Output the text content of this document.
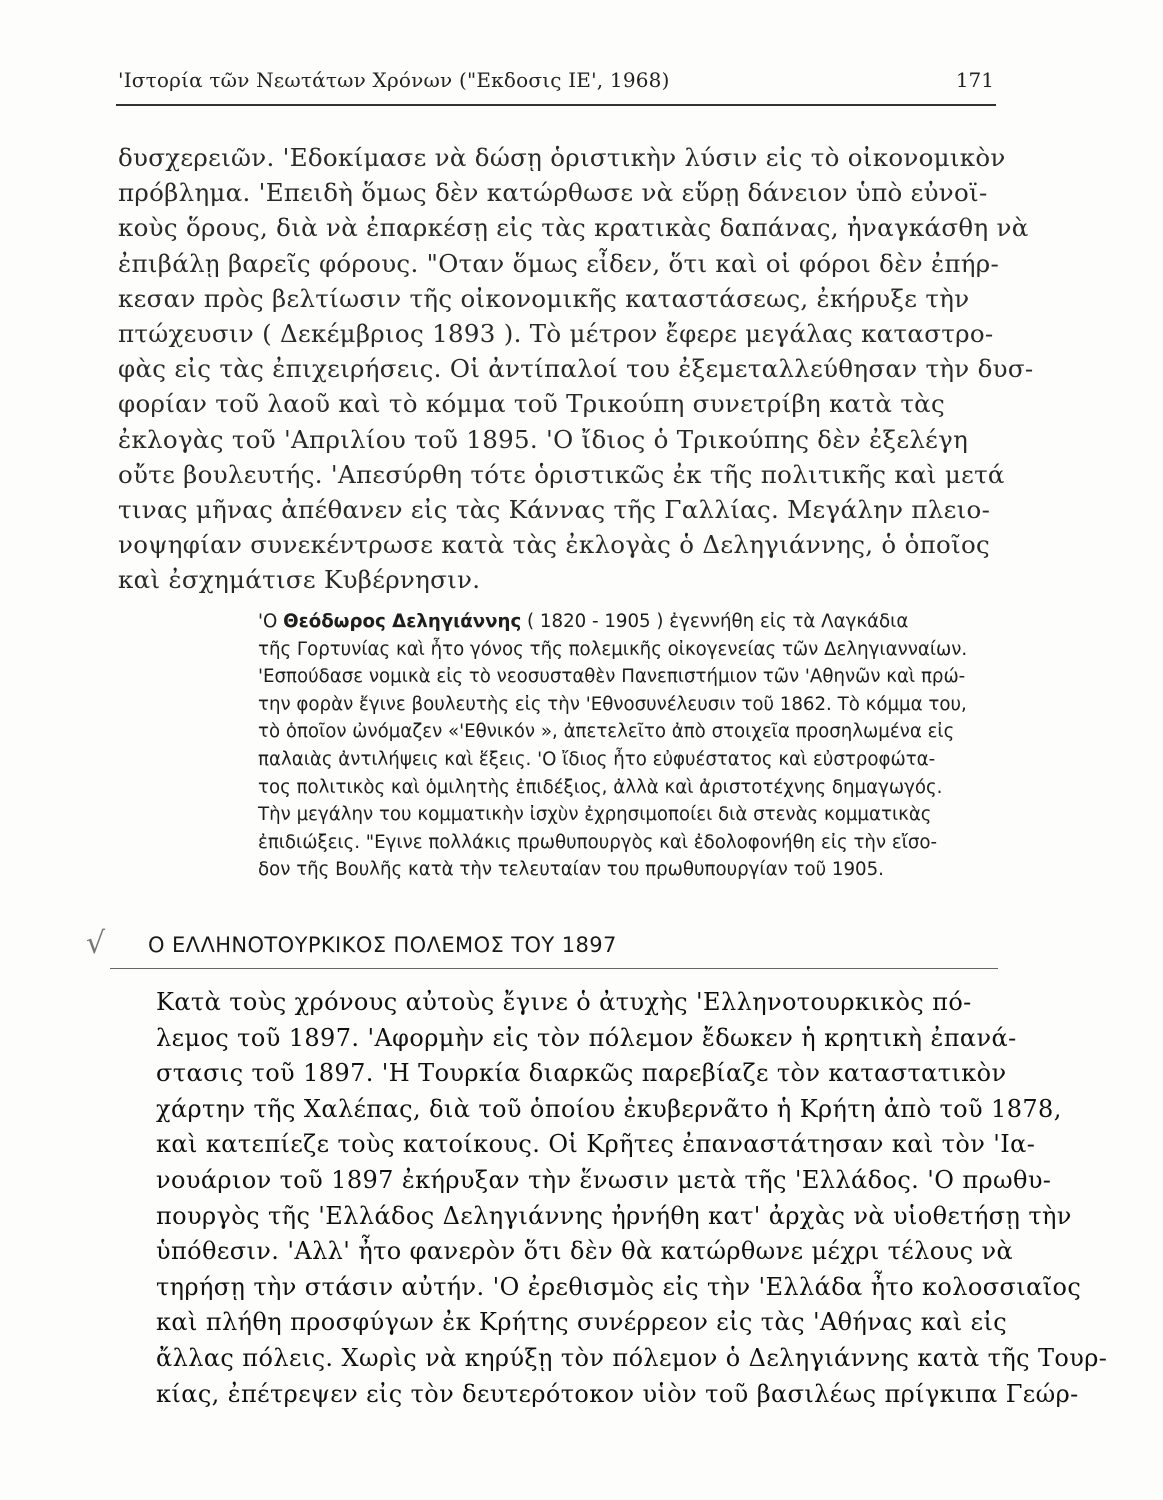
'Ιστορία τῶν Νεωτάτων Χρόνων ("Εκδοσις ΙΕ', 1968)	171
δυσχερειῶν. 'Εδοκίμασε νὰ δώσῃ ὁριστικὴν λύσιν εἰς τὸ οἰκονομικὸν
πρόβλημα. 'Επειδὴ ὅμως δὲν κατώρθωσε νὰ εὕρῃ δάνειον ὑπὸ εὐνοϊ-
κοὺς ὅρους, διὰ νὰ ἐπαρκέσῃ εἰς τὰς κρατικὰς δαπάνας, ἠναγκάσθη νὰ
ἐπιβάλῃ βαρεῖς φόρους. "Οταν ὅμως εἶδεν, ὅτι καὶ οἱ φόροι δὲν ἐπήρ-
κεσαν πρὸς βελτίωσιν τῆς οἰκονομικῆς καταστάσεως, ἐκήρυξε τὴν
πτώχευσιν ( Δεκέμβριος 1893 ). Τὸ μέτρον ἔφερε μεγάλας καταστρο-
φὰς εἰς τὰς ἐπιχειρήσεις. Οἱ ἀντίπαλοί του ἐξεμεταλλεύθησαν τὴν δυσ-
φορίαν τοῦ λαοῦ καὶ τὸ κόμμα τοῦ Τρικούπη συνετρίβη κατὰ τὰς
ἐκλογὰς τοῦ 'Απριλίου τοῦ 1895. 'Ο ἴδιος ὁ Τρικούπης δὲν ἐξελέγη
οὔτε βουλευτής. 'Απεσύρθη τότε ὁριστικῶς ἐκ τῆς πολιτικῆς καὶ μετά
τινας μῆνας ἀπέθανεν εἰς τὰς Κάννας τῆς Γαλλίας. Μεγάλην πλειο-
νοψηφίαν συνεκέντρωσε κατὰ τὰς ἐκλογὰς ὁ Δεληγιάννης, ὁ ὁποῖος
καὶ ἐσχημάτισε Κυβέρνησιν.
'Ο Θεόδωρος Δεληγιάννης ( 1820 - 1905 ) ἐγεννήθη εἰς τὰ Λαγκάδια
τῆς Γορτυνίας καὶ ἦτο γόνος τῆς πολεμικῆς οἰκογενείας τῶν Δεληγιανναίων.
'Εσπούδασε νομικὰ εἰς τὸ νεοσυσταθὲν Πανεπιστήμιον τῶν 'Αθηνῶν καὶ πρώ-
την φορὰν ἔγινε βουλευτὴς εἰς τὴν 'Εθνοσυνέλευσιν τοῦ 1862. Τὸ κόμμα του,
τὸ ὁποῖον ὠνόμαζεν «'Εθνικόν », ἀπετελεῖτο ἀπὸ στοιχεῖα προσηλωμένα εἰς
παλαιὰς ἀντιλήψεις καὶ ἕξεις. 'Ο ἴδιος ἦτο εὐφυέστατος καὶ εὐστροφώτα-
τος πολιτικὸς καὶ ὁμιλητὴς ἐπιδέξιος, ἀλλὰ καὶ ἀριστοτέχνης δημαγωγός.
Τὴν μεγάλην του κομματικὴν ἰσχὺν ἐχρησιμοποίει διὰ στενὰς κομματικὰς
ἐπιδιώξεις. "Εγινε πολλάκις πρωθυπουργὸς καὶ ἐδολοφονήθη εἰς τὴν εἴσο-
δον τῆς Βουλῆς κατὰ τὴν τελευταίαν του πρωθυπουργίαν τοῦ 1905.
√ Ο ΕΛΛΗΝΟΤΟΥΡΚΙΚΟΣ ΠΟΛΕΜΟΣ ΤΟΥ 1897
Κατὰ τοὺς χρόνους αὐτοὺς ἔγινε ὁ ἀτυχὴς 'Ελληνοτουρκικὸς πό-
λεμος τοῦ 1897. 'Αφορμὴν εἰς τὸν πόλεμον ἔδωκεν ἡ κρητικὴ ἐπανά-
στασις τοῦ 1897. 'Η Τουρκία διαρκῶς παρεβίαζε τὸν καταστατικὸν
χάρτην τῆς Χαλέπας, διὰ τοῦ ὁποίου ἐκυβερνᾶτο ἡ Κρήτη ἀπὸ τοῦ 1878,
καὶ κατεπίεζε τοὺς κατοίκους. Οἱ Κρῆτες ἐπαναστάτησαν καὶ τὸν 'Ια-
νουάριον τοῦ 1897 ἐκήρυξαν τὴν ἕνωσιν μετὰ τῆς 'Ελλάδος. 'Ο πρωθυ-
πουργὸς τῆς 'Ελλάδος Δεληγιάννης ἠρνήθη κατ' ἀρχὰς νὰ υἱοθετήσῃ τὴν
ὑπόθεσιν. 'Αλλ' ἦτο φανερὸν ὅτι δὲν θὰ κατώρθωνε μέχρι τέλους νὰ
τηρήσῃ τὴν στάσιν αὐτήν. 'Ο ἐρεθισμὸς εἰς τὴν 'Ελλάδα ἦτο κολοσσιαῖος
καὶ πλήθη προσφύγων ἐκ Κρήτης συνέρρεον εἰς τὰς 'Αθήνας καὶ εἰς
ἄλλας πόλεις. Χωρὶς νὰ κηρύξῃ τὸν πόλεμον ὁ Δεληγιάννης κατὰ τῆς Τουρ-
κίας, ἐπέτρεψεν εἰς τὸν δευτερότοκον υἱὸν τοῦ βασιλέως πρίγκιπα Γεώρ-
